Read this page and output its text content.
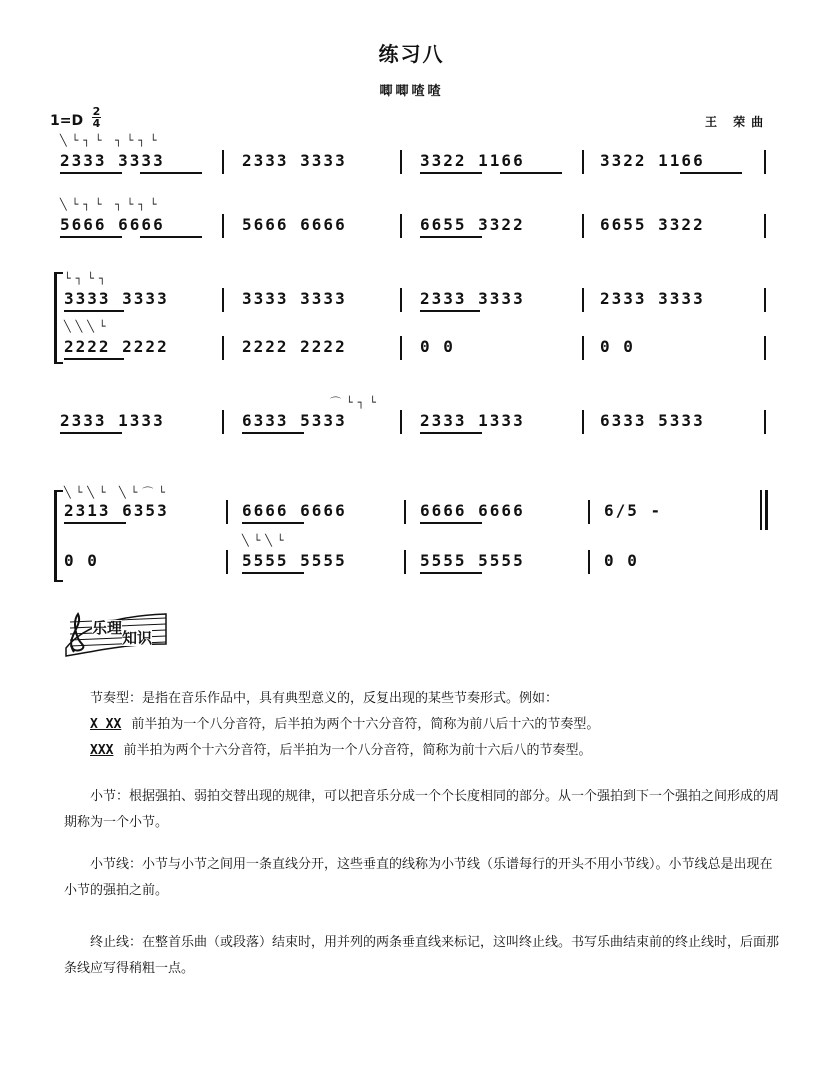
练习八
唧唧喳喳
1=D
2
4	王 荣曲
╲└┐└ ┐└┐└
2333 3333	2333 3333	3322 1166	3322 1166
╲└┐└ ┐└┐└
5666 6666	5666 6666	6655 3322	6655 3322
└┐└┐
3333 3333	3333 3333	2333 3333	2333 3333
╲╲╲└
2222 2222	2222 2222	0 0	0 0
⌒└┐└
2333 1333	6333 5333	2333 1333	6333 5333
╲└╲└ ╲└⌒└
2313 6353	6666 6666	6666 6666	6/5 -
╲└╲└
0 0	5555 5555	5555 5555	0 0
乐理
知识

节奏型：是指在音乐作品中，具有典型意义的，反复出现的某些节奏形式。例如：

X XX 前半拍为一个八分音符，后半拍为两个十六分音符，简称为前八后十六的节奏型。

XXX 前半拍为两个十六分音符，后半拍为一个八分音符，简称为前十六后八的节奏型。

小节：根据强拍、弱拍交替出现的规律，可以把音乐分成一个个长度相同的部分。从一个强拍到下一个强拍之间形成的周期称为一个小节。
小节线：小节与小节之间用一条直线分开，这些垂直的线称为小节线（乐谱每行的开头不用小节线）。小节线总是出现在小节的强拍之前。
终止线：在整首乐曲（或段落）结束时，用并列的两条垂直线来标记，这叫终止线。书写乐曲结束前的终止线时，后面那条线应写得稍粗一点。
